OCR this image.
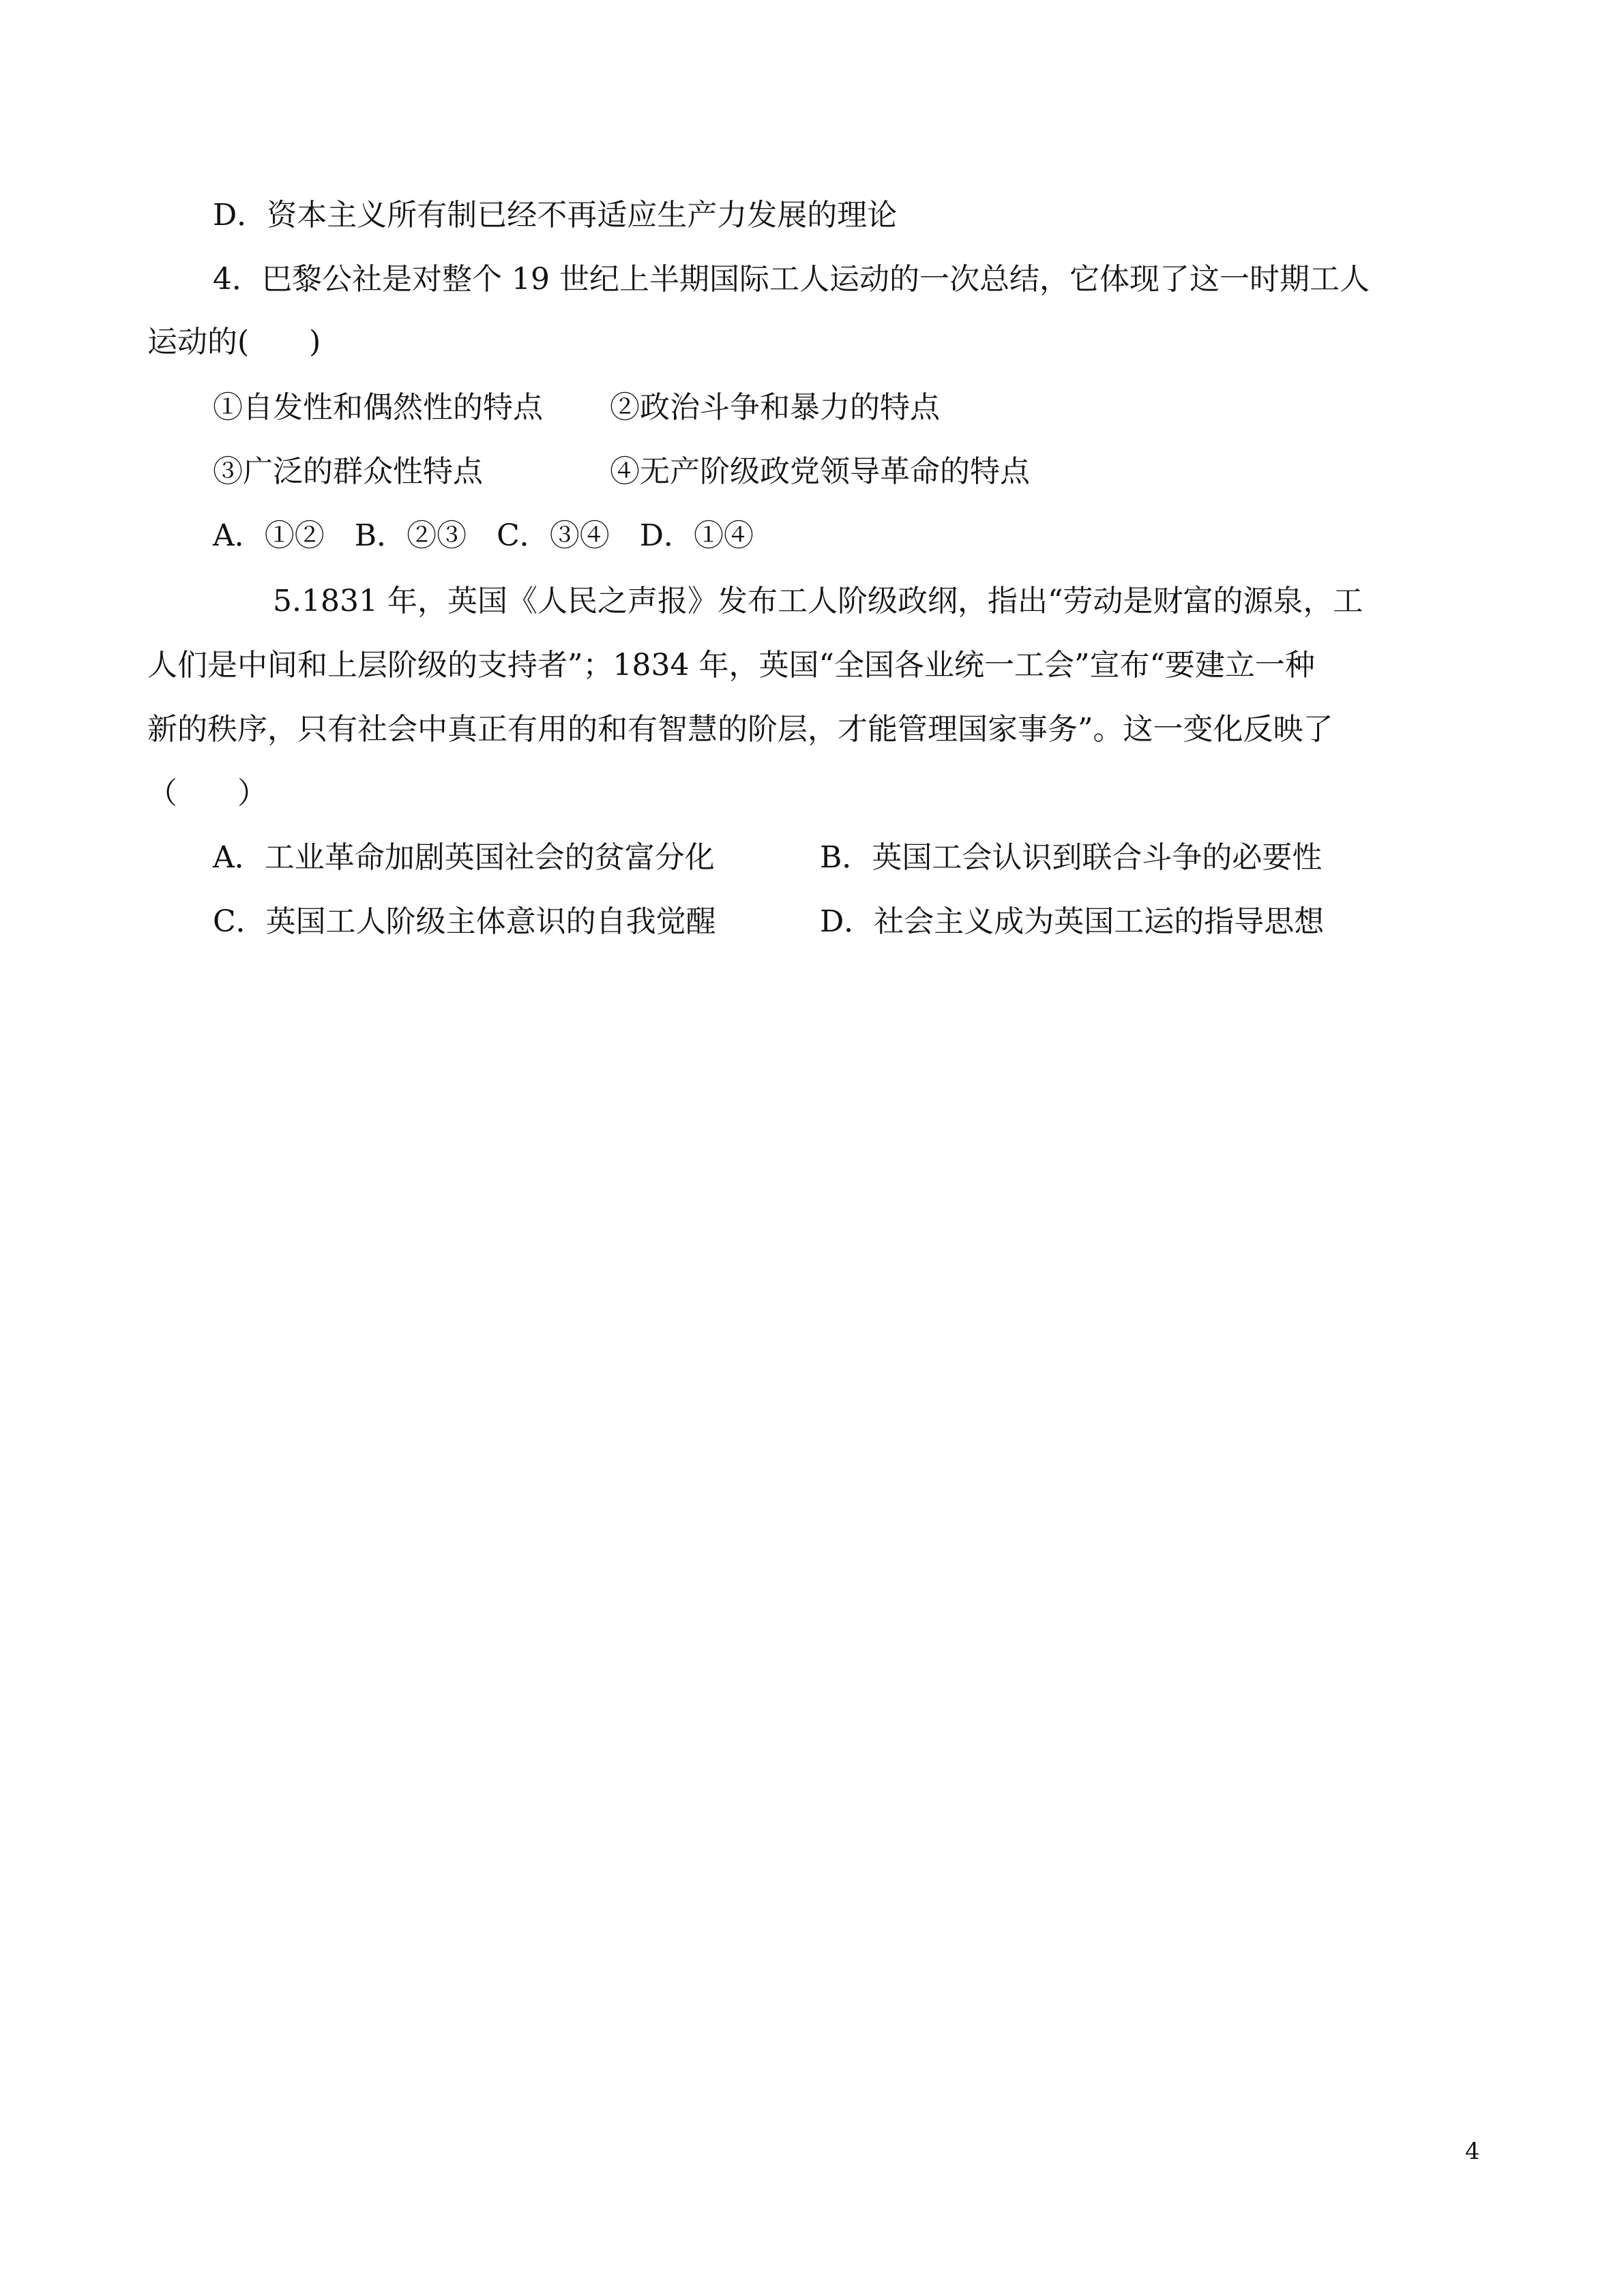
D．资本主义所有制已经不再适应生产力发展的理论
4．巴黎公社是对整个 19 世纪上半期国际工人运动的一次总结，它体现了这一时期工人
运动的(　　)
①自发性和偶然性的特点 ②政治斗争和暴力的特点
③广泛的群众性特点	④无产阶级政党领导革命的特点
A．①②　B．②③　C．③④　D．①④
5.1831 年，英国《人民之声报》发布工人阶级政纲，指出“劳动是财富的源泉，工
人们是中间和上层阶级的支持者”；1834 年，英国“全国各业统一工会”宣布“要建立一种
新的秩序，只有社会中真正有用的和有智慧的阶层，才能管理国家事务”。这一变化反映了
（　　）
A．工业革命加剧英国社会的贫富分化	B．英国工会认识到联合斗争的必要性
C．英国工人阶级主体意识的自我觉醒	D．社会主义成为英国工运的指导思想
4
